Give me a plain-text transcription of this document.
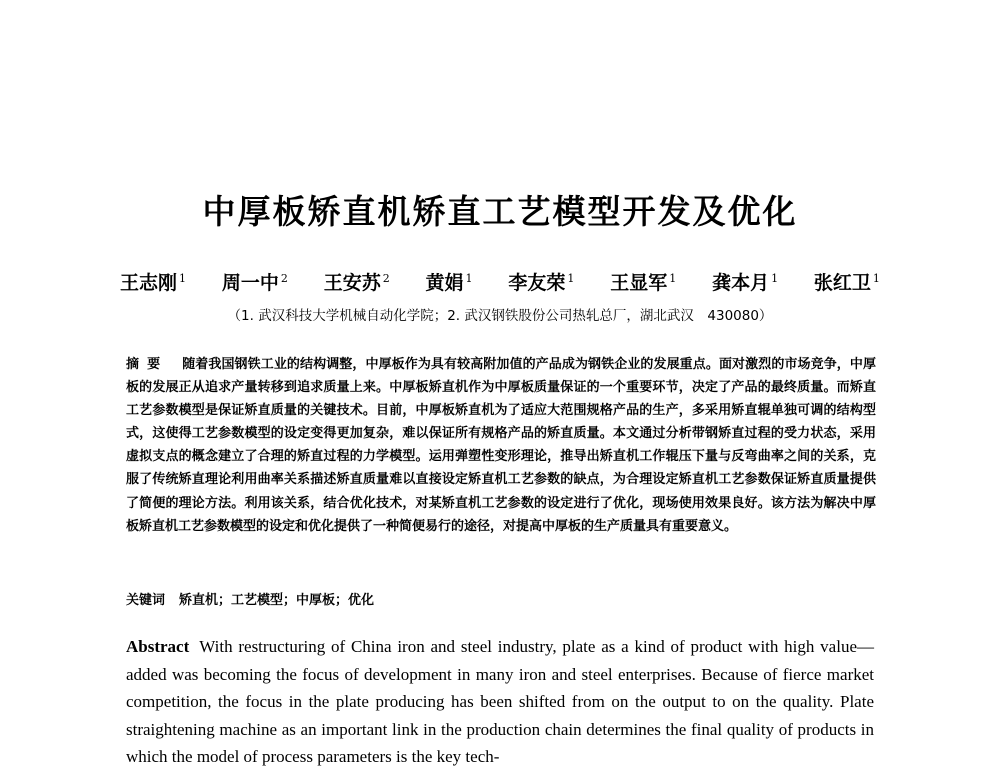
中厚板矫直机矫直工艺模型开发及优化
王志刚 $^1$ 周一中 $^2$ 王安苏 $^2$ 黄娟 $^1$ 李友荣 $^1$ 王显军 $^1$ 龚本月 $^1$ 张红卫 $^1$
（1. 武汉科技大学机械自动化学院；2. 武汉钢铁股份公司热轧总厂，湖北武汉　430080）
摘要 随着我国钢铁工业的结构调整，中厚板作为具有较高附加值的产品成为钢铁企业的发展重点。面对激烈的市场竞争，中厚板的发展正从追求产量转移到追求质量上来。中厚板矫直机作为中厚板质量保证的一个重要环节，决定了产品的最终质量。而矫直工艺参数模型是保证矫直质量的关键技术。目前，中厚板矫直机为了适应大范围规格产品的生产，多采用矫直辊单独可调的结构型式，这使得工艺参数模型的设定变得更加复杂，难以保证所有规格产品的矫直质量。本文通过分析带钢矫直过程的受力状态，采用虚拟支点的概念建立了合理的矫直过程的力学模型。运用弹塑性变形理论，推导出矫直机工作辊压下量与反弯曲率之间的关系，克服了传统矫直理论利用曲率关系描述矫直质量难以直接设定矫直机工艺参数的缺点，为合理设定矫直机工艺参数保证矫直质量提供了简便的理论方法。利用该关系，结合优化技术，对某矫直机工艺参数的设定进行了优化，现场使用效果良好。该方法为解决中厚板矫直机工艺参数模型的设定和优化提供了一种简便易行的途径，对提高中厚板的生产质量具有重要意义。
关键词 矫直机；工艺模型；中厚板；优化
Abstract With restructuring of China iron and steel industry, plate as a kind of product with high value—added was becoming the focus of development in many iron and steel enterprises. Because of fierce market competition, the focus in the plate producing has been shifted from on the output to on the quality. Plate straightening machine as an important link in the production chain determines the final quality of products in which the model of process parameters is the key tech-
